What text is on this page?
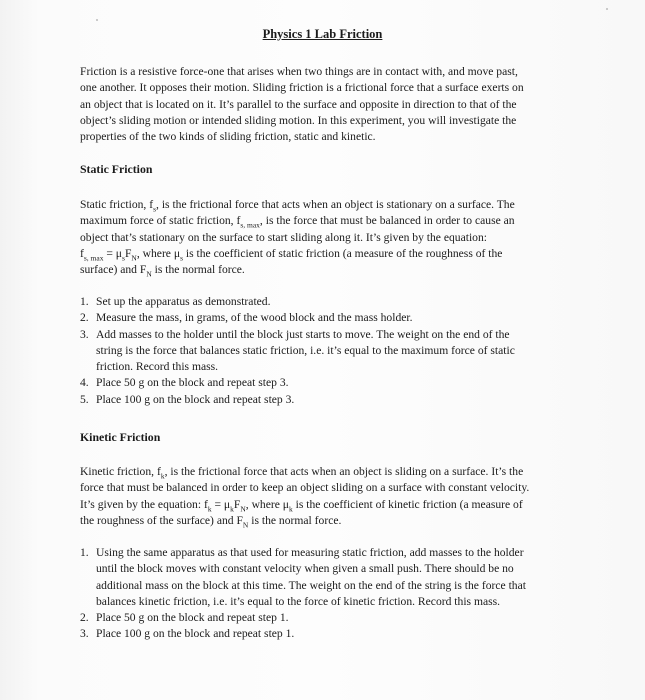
Physics 1 Lab Friction
Friction is a resistive force-one that arises when two things are in contact with, and move past,
one another. It opposes their motion. Sliding friction is a frictional force that a surface exerts on
an object that is located on it. It’s parallel to the surface and opposite in direction to that of the
object’s sliding motion or intended sliding motion. In this experiment, you will investigate the
properties of the two kinds of sliding friction, static and kinetic.
Static Friction
Static friction, $f_s$, is the frictional force that acts when an object is stationary on a surface. The
maximum force of static friction, $f_{s, max}$, is the force that must be balanced in order to cause an
object that’s stationary on the surface to start sliding along it. It’s given by the equation:
$f_{s, max} = \mu_sF_N$, where $\mu_s$ is the coefficient of static friction (a measure of the roughness of the
surface) and $F_N$ is the normal force.
1. Set up the apparatus as demonstrated.
2. Measure the mass, in grams, of the wood block and the mass holder.
3. Add masses to the holder until the block just starts to move. The weight on the end of the
string is the force that balances static friction, i.e. it’s equal to the maximum force of static
friction. Record this mass.
4. Place 50 g on the block and repeat step 3.
5. Place 100 g on the block and repeat step 3.
Kinetic Friction
Kinetic friction, $f_k$, is the frictional force that acts when an object is sliding on a surface. It’s the
force that must be balanced in order to keep an object sliding on a surface with constant velocity.
It’s given by the equation: $f_k = \mu_kF_N$, where $\mu_k$ is the coefficient of kinetic friction (a measure of
the roughness of the surface) and $F_N$ is the normal force.
1. Using the same apparatus as that used for measuring static friction, add masses to the holder
until the block moves with constant velocity when given a small push. There should be no
additional mass on the block at this time. The weight on the end of the string is the force that
balances kinetic friction, i.e. it’s equal to the force of kinetic friction. Record this mass.
2. Place 50 g on the block and repeat step 1.
3. Place 100 g on the block and repeat step 1.
